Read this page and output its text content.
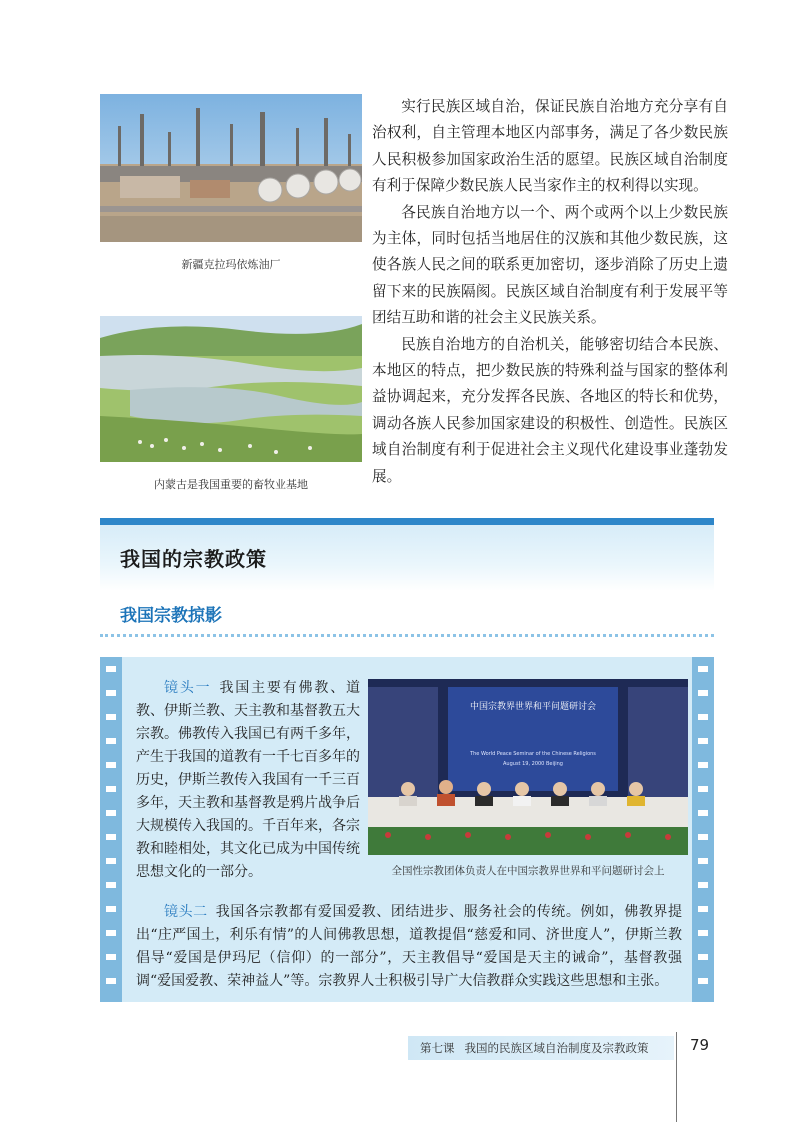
新疆克拉玛依炼油厂
内蒙古是我国重要的畜牧业基地

实行民族区域自治，保证民族自治地方充分享有自治权利，自主管理本地区内部事务，满足了各少数民族人民积极参加国家政治生活的愿望。民族区域自治制度有利于保障少数民族人民当家作主的权利得以实现。

各民族自治地方以一个、两个或两个以上少数民族为主体，同时包括当地居住的汉族和其他少数民族，这使各族人民之间的联系更加密切，逐步消除了历史上遗留下来的民族隔阂。民族区域自治制度有利于发展平等团结互助和谐的社会主义民族关系。

民族自治地方的自治机关，能够密切结合本民族、本地区的特点，把少数民族的特殊利益与国家的整体利益协调起来，充分发挥各民族、各地区的特长和优势，调动各族人民参加国家建设的积极性、创造性。民族区域自治制度有利于促进社会主义现代化建设事业蓬勃发展。

我国的宗教政策
我国宗教掠影

镜头一 我国主要有佛教、道教、伊斯兰教、天主教和基督教五大宗教。佛教传入我国已有两千多年，产生于我国的道教有一千七百多年的历史，伊斯兰教传入我国有一千三百多年，天主教和基督教是鸦片战争后大规模传入我国的。千百年来，各宗教和睦相处，其文化已成为中国传统思想文化的一部分。

中国宗教界世界和平问题研讨会
The World Peace Seminar of the Chinese Religions
August 19, 2000 Beijing
全国性宗教团体负责人在中国宗教界世界和平问题研讨会上

镜头二 我国各宗教都有爱国爱教、团结进步、服务社会的传统。例如，佛教界提出“庄严国土，利乐有情”的人间佛教思想，道教提倡“慈爱和同、济世度人”，伊斯兰教倡导“爱国是伊玛尼（信仰）的一部分”，天主教倡导“爱国是天主的诫命”，基督教强调“爱国爱教、荣神益人”等。宗教界人士积极引导广大信教群众实践这些思想和主张。

第七课 我国的民族区域自治制度及宗教政策	79
